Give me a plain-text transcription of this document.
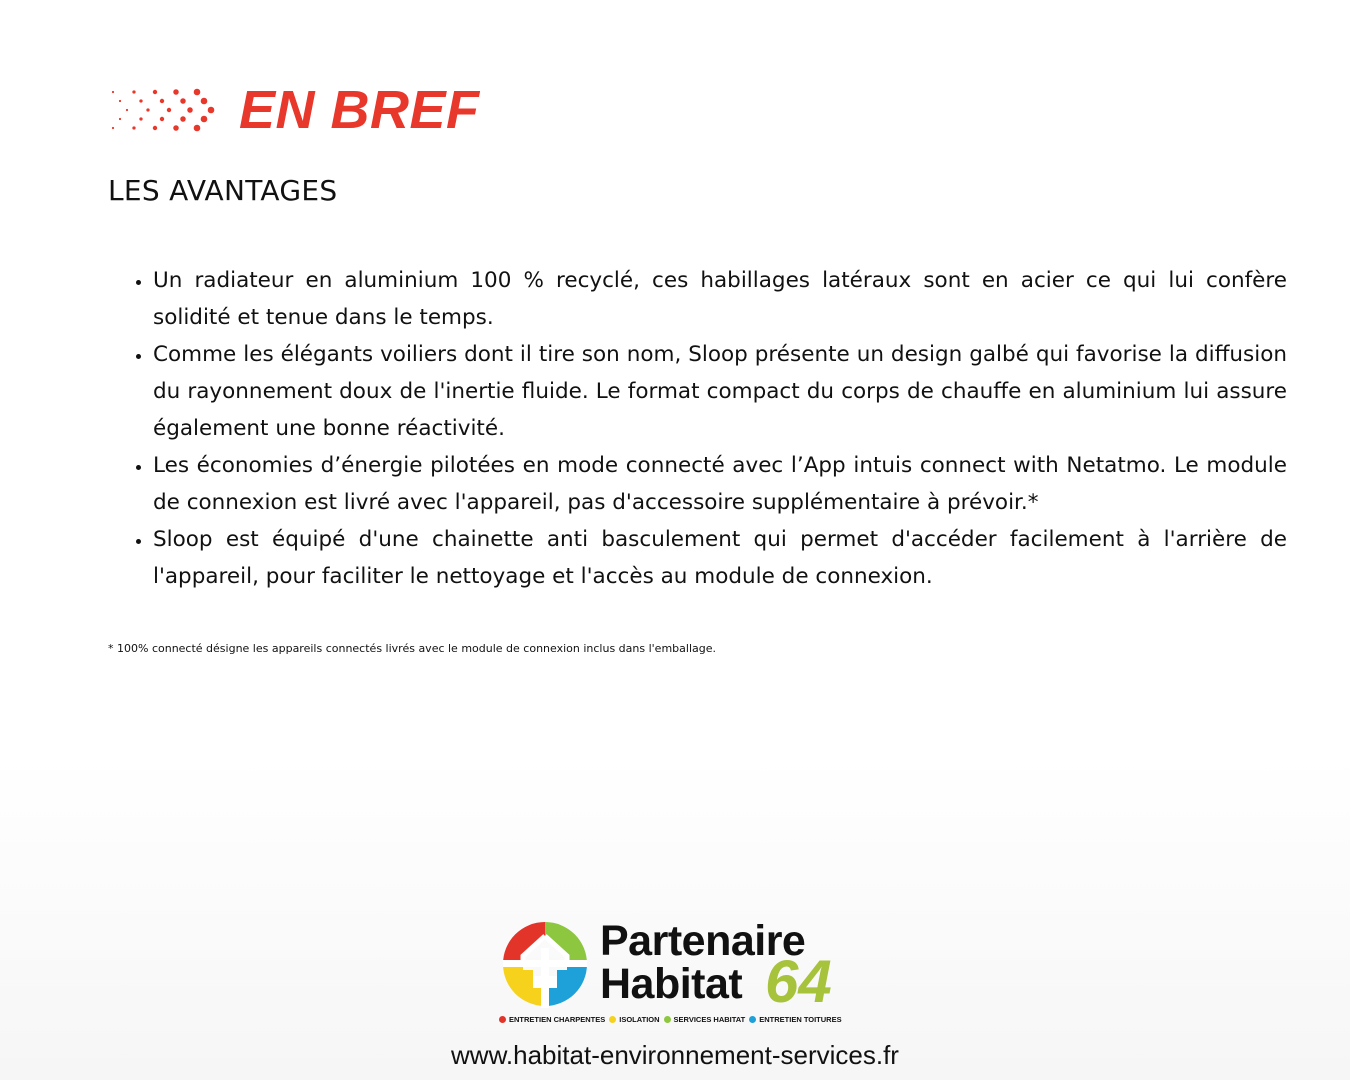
EN BREF
LES AVANTAGES
• Un radiateur en aluminium 100 % recyclé, ces habillages latéraux sont en acier ce qui lui confère solidité et tenue dans le temps.
• Comme les élégants voiliers dont il tire son nom, Sloop présente un design galbé qui favorise la diffusion du rayonnement doux de l'inertie fluide. Le format compact du corps de chauffe en aluminium lui assure également une bonne réactivité.
• Les économies d’énergie pilotées en mode connecté avec l’App intuis connect with Netatmo. Le module de connexion est livré avec l'appareil, pas d'accessoire supplémentaire à prévoir.*
• Sloop est équipé d'une chainette anti basculement qui permet d'accéder facilement à l'arrière de l'appareil, pour faciliter le nettoyage et l'accès au module de connexion.
* 100% connecté désigne les appareils connectés livrés avec le module de connexion inclus dans l'emballage.
Partenaire
Habitat 64
ENTRETIEN CHARPENTES ISOLATION SERVICES HABITAT ENTRETIEN TOITURES
www.habitat-environnement-services.fr
